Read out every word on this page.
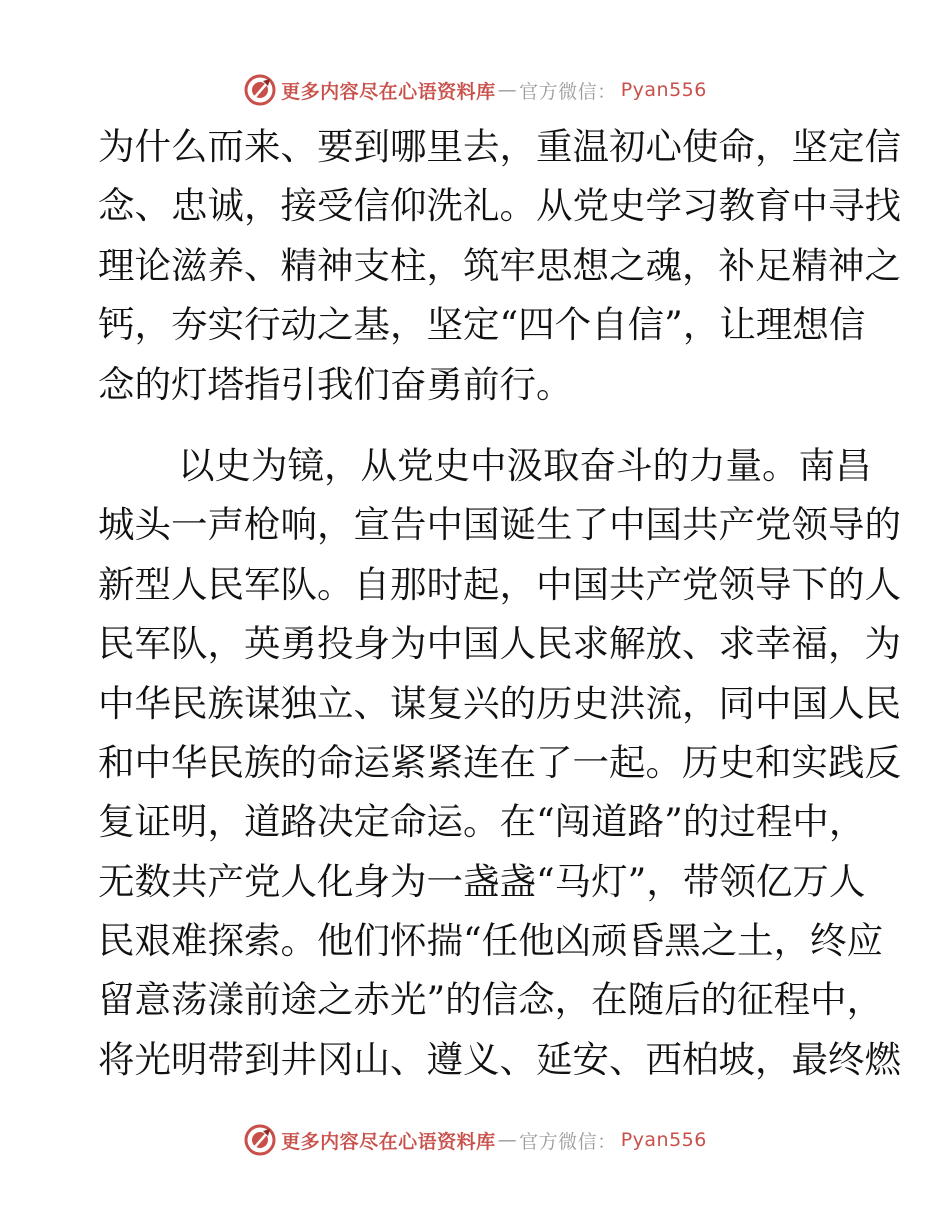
更多内容尽在心语资料库 — 官方微信： Pyan556
为什么而来、要到哪里去，重温初心使命，坚定信
念、忠诚，接受信仰洗礼。从党史学习教育中寻找
理论滋养、精神支柱，筑牢思想之魂，补足精神之
钙，夯实行动之基，坚定“四个自信”，让理想信
念的灯塔指引我们奋勇前行。
以史为镜，从党史中汲取奋斗的力量。南昌
城头一声枪响，宣告中国诞生了中国共产党领导的
新型人民军队。自那时起，中国共产党领导下的人
民军队，英勇投身为中国人民求解放、求幸福，为
中华民族谋独立、谋复兴的历史洪流，同中国人民
和中华民族的命运紧紧连在了一起。历史和实践反
复证明，道路决定命运。在“闯道路”的过程中，
无数共产党人化身为一盏盏“马灯”，带领亿万人
民艰难探索。他们怀揣“任他凶顽昏黑之土，终应
留意荡漾前途之赤光”的信念，在随后的征程中，
将光明带到井冈山、遵义、延安、西柏坡，最终燃
更多内容尽在心语资料库 — 官方微信： Pyan556
